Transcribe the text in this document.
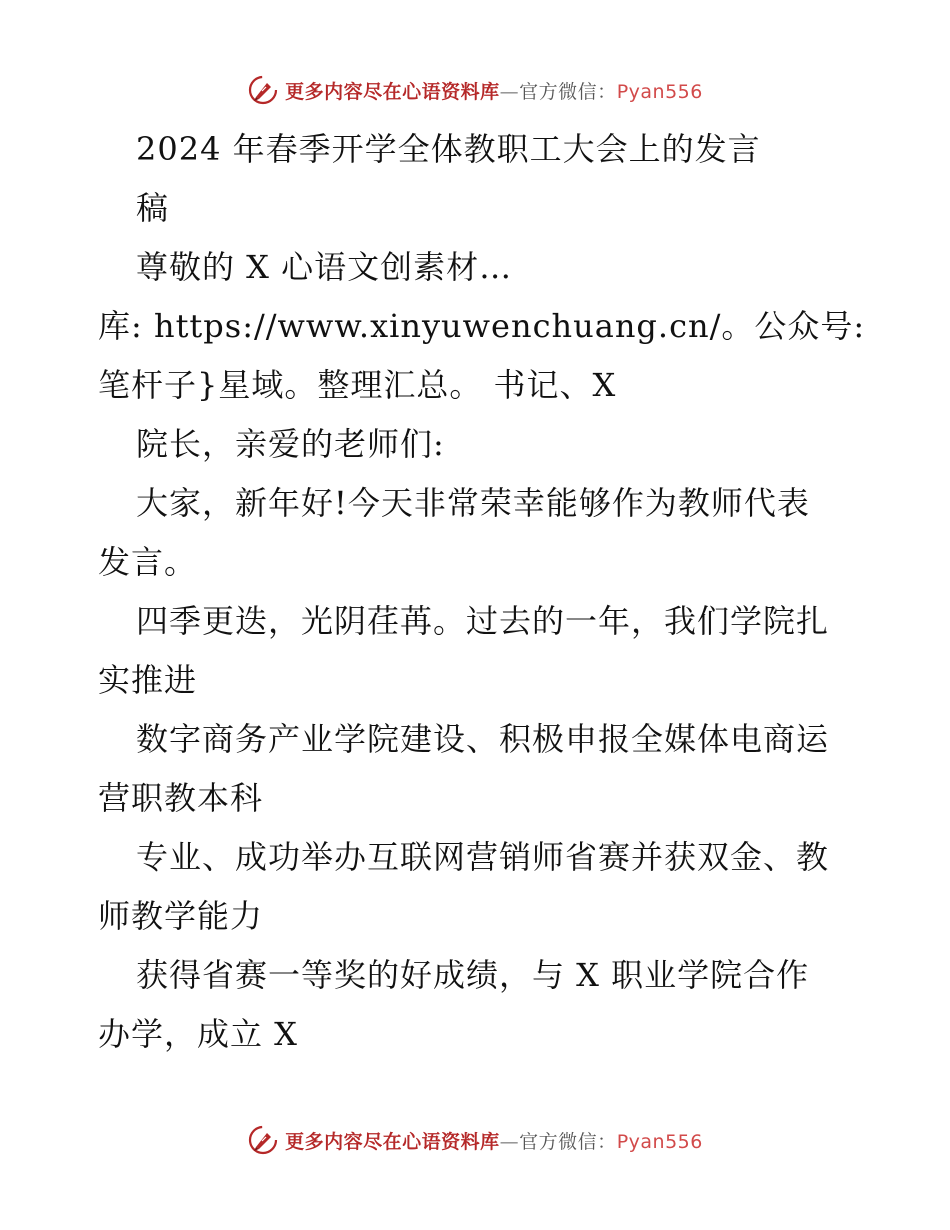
更多内容尽在心语资料库—官方微信：Pyan556
2024 年春季开学全体教职工大会上的发言
稿
尊敬的 X 心语文创素材…
库: https://www.xinyuwenchuang.cn/。公众号:
笔杆子}星域。整理汇总。 书记、X
院长，亲爱的老师们:
大家，新年好!今天非常荣幸能够作为教师代表
发言。
四季更迭，光阴荏苒。过去的一年，我们学院扎
实推进
数字商务产业学院建设、积极申报全媒体电商运
营职教本科
专业、成功举办互联网营销师省赛并获双金、教
师教学能力
获得省赛一等奖的好成绩，与 X 职业学院合作
办学，成立 X
更多内容尽在心语资料库—官方微信：Pyan556
